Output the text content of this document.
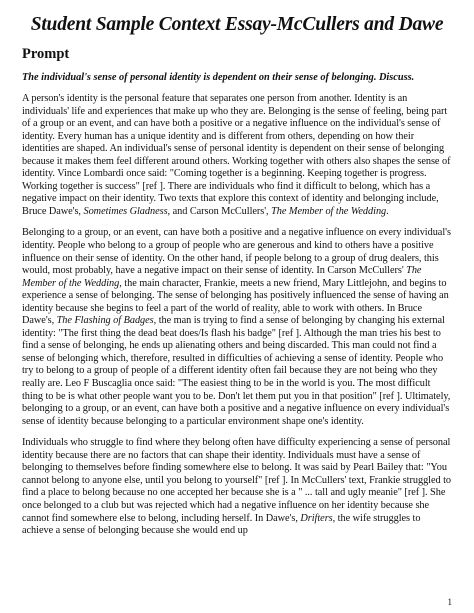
Student Sample Context Essay-McCullers and Dawe
Prompt
The individual's sense of personal identity is dependent on their sense of belonging. Discuss.

A person's identity is the personal feature that separates one person from another. Identity is an individuals' life and experiences that make up who they are. Belonging is the sense of feeling, being part of a group or an event, and can have both a positive or a negative influence on the individual's sense of identity. Every human has a unique identity and is different from others, depending on how their identities are shaped. An individual's sense of personal identity is dependent on their sense of belonging because it makes them feel different around others. Working together with others also shapes the sense of identity. Vince Lombardi once said: "Coming together is a beginning. Keeping together is progress. Working together is success" [ref ]. There are individuals who find it difficult to belong, which has a negative impact on their identity. Two texts that explore this context of identity and belonging include, Bruce Dawe's, Sometimes Gladness, and Carson McCullers', The Member of the Wedding.

Belonging to a group, or an event, can have both a positive and a negative influence on every individual's identity. People who belong to a group of people who are generous and kind to others have a positive influence on their sense of identity. On the other hand, if people belong to a group of drug dealers, this would, most probably, have a negative impact on their sense of identity. In Carson McCullers' The Member of the Wedding, the main character, Frankie, meets a new friend, Mary Littlejohn, and begins to experience a sense of belonging. The sense of belonging has positively influenced the sense of having an identity because she begins to feel a part of the world of reality, able to work with others. In Bruce Dawe's, The Flashing of Badges, the man is trying to find a sense of belonging by changing his external identity: "The first thing the dead beat does/Is flash his badge" [ref ]. Although the man tries his best to find a sense of belonging, he ends up alienating others and being discarded. This man could not find a sense of belonging which, therefore, resulted in difficulties of achieving a sense of identity. People who try to belong to a group of people of a different identity often fail because they are not being who they really are. Leo F Buscaglia once said: "The easiest thing to be in the world is you. The most difficult thing to be is what other people want you to be. Don't let them put you in that position" [ref ]. Ultimately, belonging to a group, or an event, can have both a positive and a negative influence on every individual's sense of identity because belonging to a particular environment shape one's identity.

Individuals who struggle to find where they belong often have difficulty experiencing a sense of personal identity because there are no factors that can shape their identity. Individuals must have a sense of belonging to themselves before finding somewhere else to belong. It was said by Pearl Bailey that: "You cannot belong to anyone else, until you belong to yourself" [ref ]. In McCullers' text, Frankie struggled to find a place to belong because no one accepted her because she is a " ... tall and ugly meanie" [ref ]. She once belonged to a club but was rejected which had a negative influence on her identity because she cannot find somewhere else to belong, including herself. In Dawe's, Drifters, the wife struggles to achieve a sense of belonging because she would end up

1
